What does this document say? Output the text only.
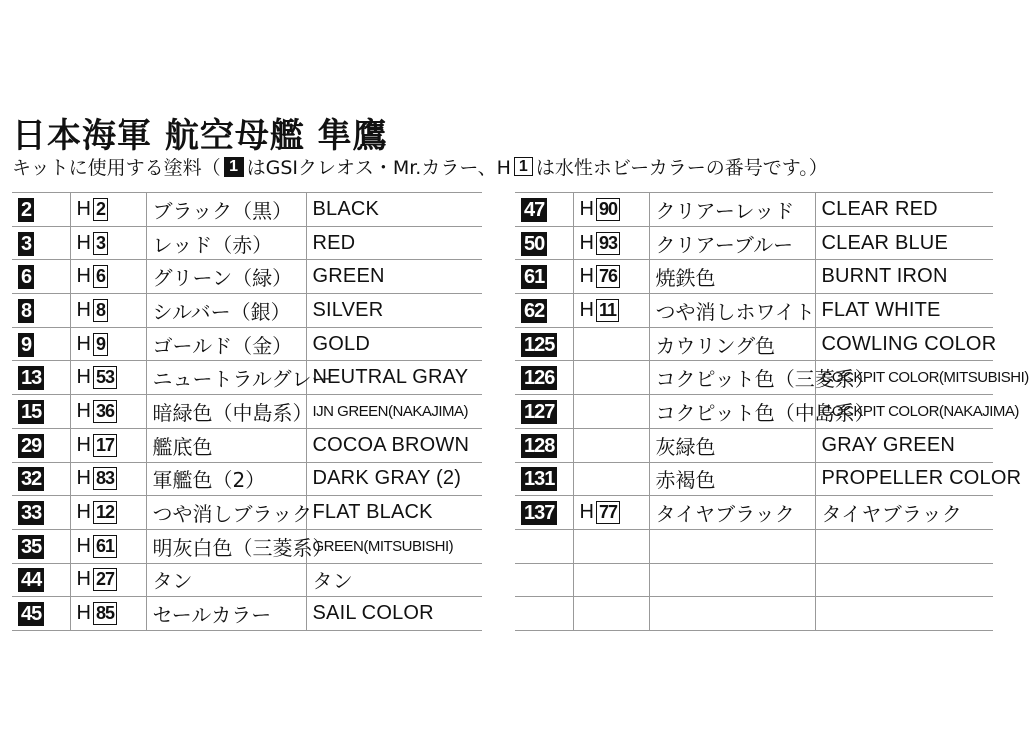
日本海軍 航空母艦 隼鷹
キットに使用する塗料（ 1 はGSIクレオス・Mr.カラー、H 1 は水性ホビーカラーの番号です。）
2	H 2	ブラック（黒）	BLACK
3	H 3	レッド（赤）	RED
6	H 6	グリーン（緑）	GREEN
8	H 8	シルバー（銀）	SILVER
9	H 9	ゴールド（金）	GOLD
13	H 53	ニュートラルグレー	NEUTRAL GRAY
15	H 36	暗緑色（中島系）	IJN GREEN(NAKAJIMA)
29	H 17	艦底色	COCOA BROWN
32	H 83	軍艦色（2）	DARK GRAY (2)
33	H 12	つや消しブラック	FLAT BLACK
35	H 61	明灰白色（三菱系）	GREEN(MITSUBISHI)
44	H 27	タン	タン
45	H 85	セールカラー	SAIL COLOR
47	H 90	クリアーレッド	CLEAR RED
50	H 93	クリアーブルー	CLEAR BLUE
61	H 76	焼鉄色	BURNT IRON
62	H 11	つや消しホワイト	FLAT WHITE
125		カウリング色	COWLING COLOR
126		コクピット色（三菱系）	COCKPIT COLOR(MITSUBISHI)
127		コクピット色（中島系）	COCKPIT COLOR(NAKAJIMA)
128		灰緑色	GRAY GREEN
131		赤褐色	PROPELLER COLOR
137	H 77	タイヤブラック	タイヤブラック
